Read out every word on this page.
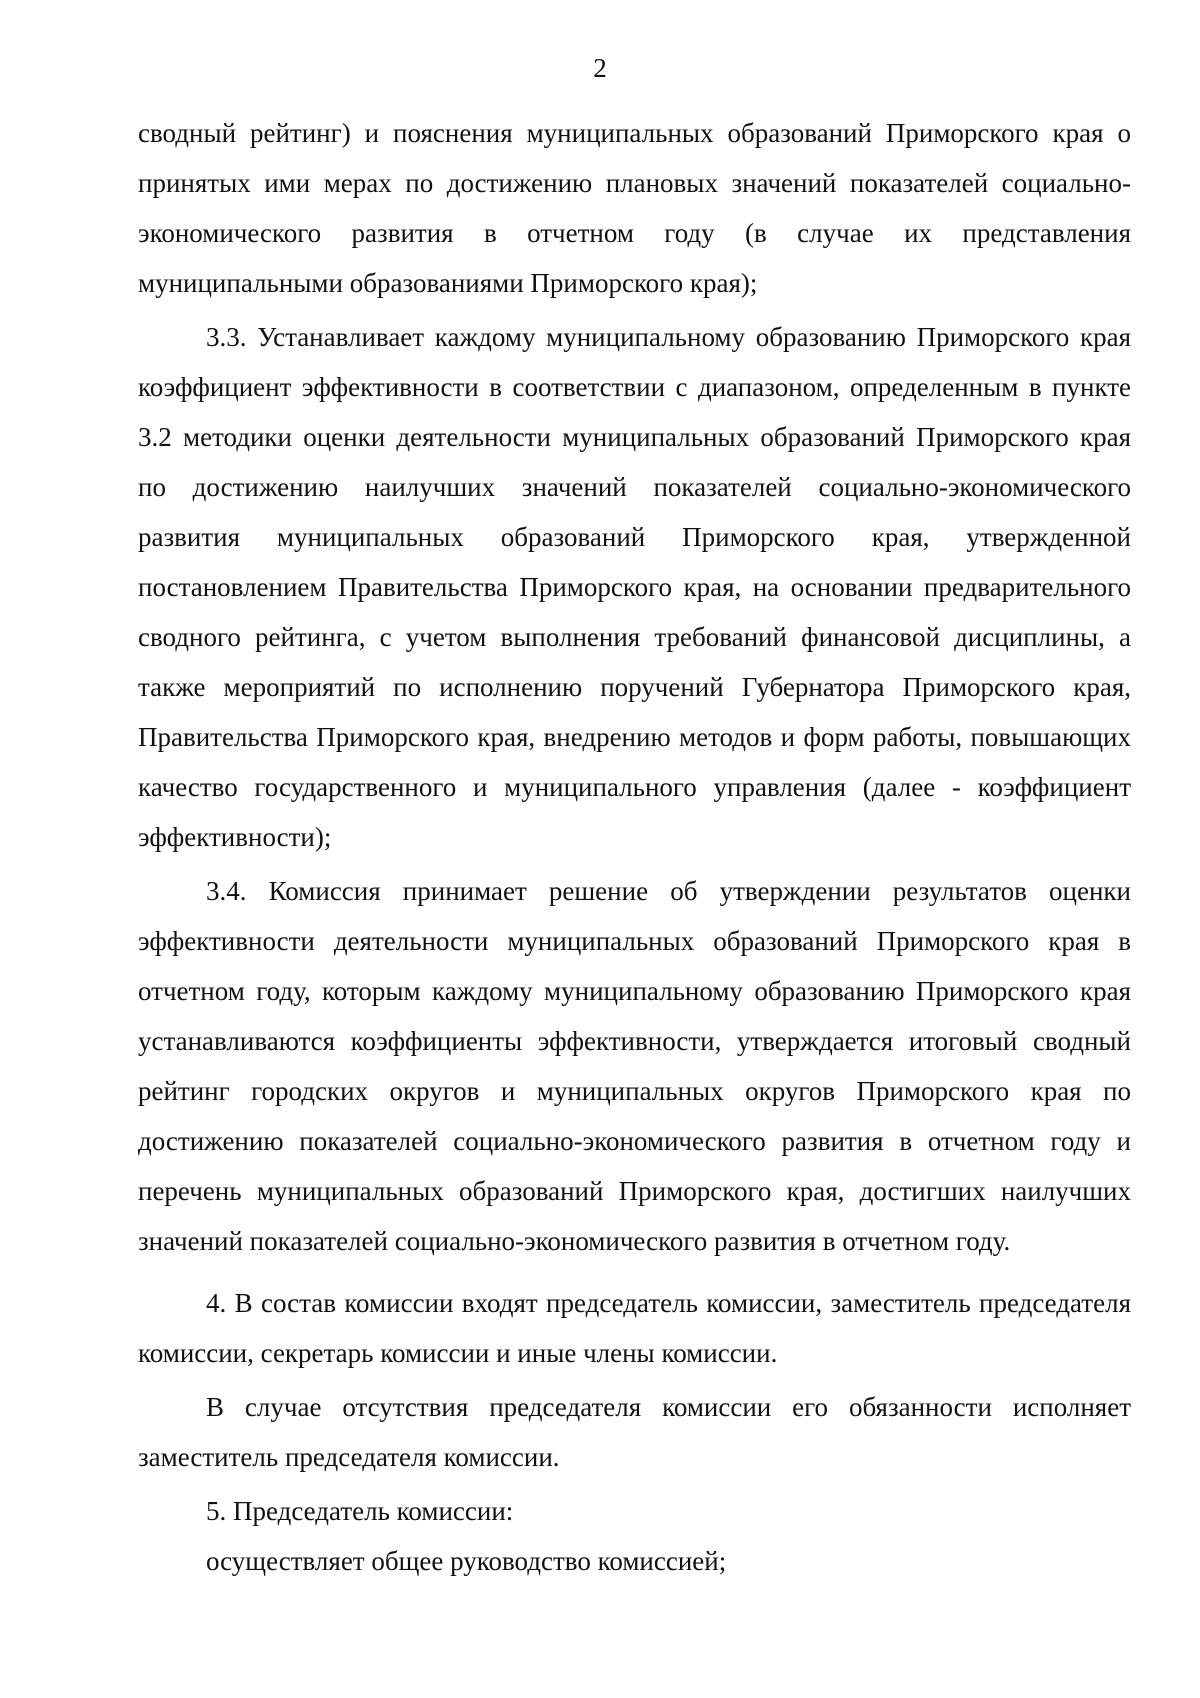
2

сводный рейтинг) и пояснения муниципальных образований Приморского края о принятых ими мерах по достижению плановых значений показателей социально-экономического развития в отчетном году (в случае их представления муниципальными образованиями Приморского края);

3.3. Устанавливает каждому муниципальному образованию Приморского края коэффициент эффективности в соответствии с диапазоном, определенным в пункте 3.2 методики оценки деятельности муниципальных образований Приморского края по достижению наилучших значений показателей социально-экономического развития муниципальных образований Приморского края, утвержденной постановлением Правительства Приморского края, на основании предварительного сводного рейтинга, с учетом выполнения требований финансовой дисциплины, а также мероприятий по исполнению поручений Губернатора Приморского края, Правительства Приморского края, внедрению методов и форм работы, повышающих качество государственного и муниципального управления (далее - коэффициент эффективности);

3.4. Комиссия принимает решение об утверждении результатов оценки эффективности деятельности муниципальных образований Приморского края в отчетном году, которым каждому муниципальному образованию Приморского края устанавливаются коэффициенты эффективности, утверждается итоговый сводный рейтинг городских округов и муниципальных округов Приморского края по достижению показателей социально-экономического развития в отчетном году и перечень муниципальных образований Приморского края, достигших наилучших значений показателей социально-экономического развития в отчетном году.

4. В состав комиссии входят председатель комиссии, заместитель председателя комиссии, секретарь комиссии и иные члены комиссии.

В случае отсутствия председателя комиссии его обязанности исполняет заместитель председателя комиссии.

5. Председатель комиссии:

осуществляет общее руководство комиссией;
